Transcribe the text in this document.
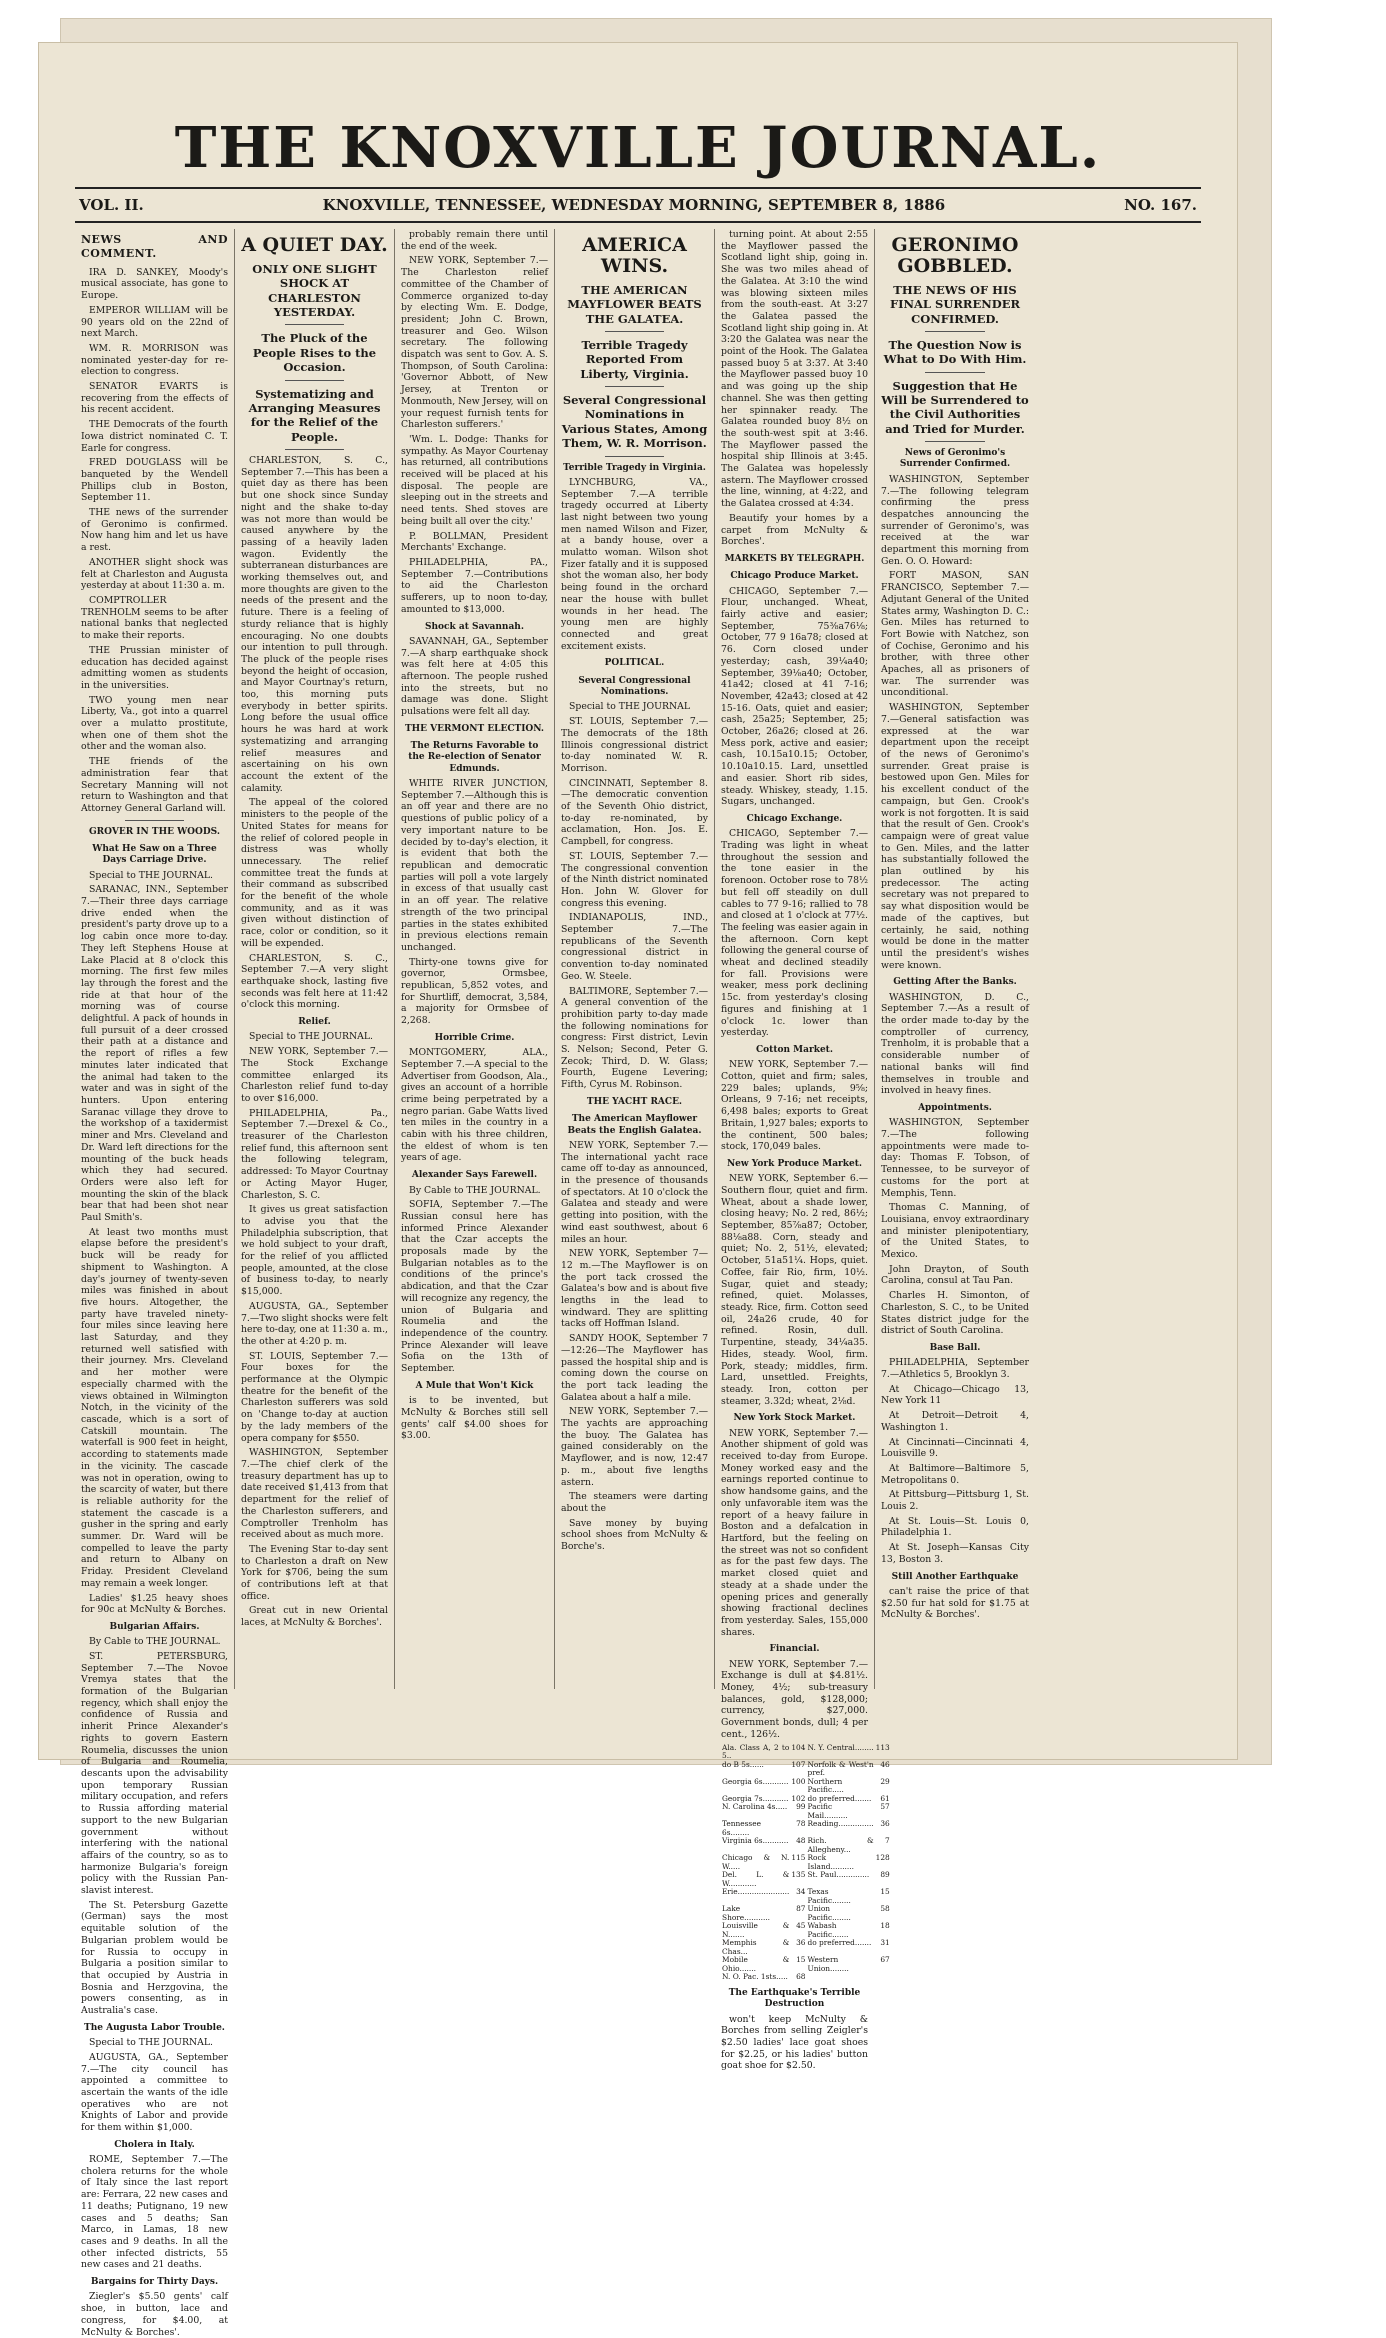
THE KNOXVILLE JOURNAL.
VOL. II.	KNOXVILLE, TENNESSEE, WEDNESDAY MORNING, SEPTEMBER 8, 1886	NO. 167.
NEWS AND COMMENT.

IRA D. SANKEY, Moody's musical associate, has gone to Europe.

EMPEROR WILLIAM will be 90 years old on the 22nd of next March.

WM. R. MORRISON was nominated yester-day for re-election to congress.

SENATOR EVARTS is recovering from the effects of his recent accident.

THE Democrats of the fourth Iowa district nominated C. T. Earle for congress.

FRED DOUGLASS will be banqueted by the Wendell Phillips club in Boston, September 11.

THE news of the surrender of Geronimo is confirmed. Now hang him and let us have a rest.

ANOTHER slight shock was felt at Charleston and Augusta yesterday at about 11:30 a. m.

COMPTROLLER TRENHOLM seems to be after national banks that neglected to make their reports.

THE Prussian minister of education has decided against admitting women as students in the universities.

TWO young men near Liberty, Va., got into a quarrel over a mulatto prostitute, when one of them shot the other and the woman also.

THE friends of the administration fear that Secretary Manning will not return to Washington and that Attorney General Garland will.

GROVER IN THE WOODS.
What He Saw on a Three Days Carriage Drive.

Special to THE JOURNAL.

SARANAC, INN., September 7.—Their three days carriage drive ended when the president's party drove up to a log cabin once more to-day. They left Stephens House at Lake Placid at 8 o'clock this morning. The first few miles lay through the forest and the ride at that hour of the morning was of course delightful. A pack of hounds in full pursuit of a deer crossed their path at a distance and the report of rifles a few minutes later indicated that the animal had taken to the water and was in sight of the hunters. Upon entering Saranac village they drove to the workshop of a taxidermist miner and Mrs. Cleveland and Dr. Ward left directions for the mounting of the buck heads which they had secured. Orders were also left for mounting the skin of the black bear that had been shot near Paul Smith's.

At least two months must elapse before the president's buck will be ready for shipment to Washington. A day's journey of twenty-seven miles was finished in about five hours. Altogether, the party have traveled ninety-four miles since leaving here last Saturday, and they returned well satisfied with their journey. Mrs. Cleveland and her mother were especially charmed with the views obtained in Wilmington Notch, in the vicinity of the cascade, which is a sort of Catskill mountain. The waterfall is 900 feet in height, according to statements made in the vicinity. The cascade was not in operation, owing to the scarcity of water, but there is reliable authority for the statement the cascade is a gusher in the spring and early summer. Dr. Ward will be compelled to leave the party and return to Albany on Friday. President Cleveland may remain a week longer.

Ladies' $1.25 heavy shoes for 90c at McNulty & Borches.

Bulgarian Affairs.

By Cable to THE JOURNAL.

ST. PETERSBURG, September 7.—The Novoe Vremya states that the formation of the Bulgarian regency, which shall enjoy the confidence of Russia and inherit Prince Alexander's rights to govern Eastern Roumelia, discusses the union of Bulgaria and Roumelia, descants upon the advisability upon temporary Russian military occupation, and refers to Russia affording material support to the new Bulgarian government without interfering with the national affairs of the country, so as to harmonize Bulgaria's foreign policy with the Russian Pan-slavist interest.

The St. Petersburg Gazette (German) says the most equitable solution of the Bulgarian problem would be for Russia to occupy in Bulgaria a position similar to that occupied by Austria in Bosnia and Herzgovina, the powers consenting, as in Australia's case.

The Augusta Labor Trouble.

Special to THE JOURNAL.

AUGUSTA, GA., September 7.—The city council has appointed a committee to ascertain the wants of the idle operatives who are not Knights of Labor and provide for them within $1,000.

Cholera in Italy.

ROME, September 7.—The cholera returns for the whole of Italy since the last report are: Ferrara, 22 new cases and 11 deaths; Putignano, 19 new cases and 5 deaths; San Marco, in Lamas, 18 new cases and 9 deaths. In all the other infected districts, 55 new cases and 21 deaths.

Bargains for Thirty Days.

Ziegler's $5.50 gents' calf shoe, in button, lace and congress, for $4.00, at McNulty & Borches'.

A QUIET DAY.
ONLY ONE SLIGHT SHOCK AT CHARLESTON YESTERDAY.
The Pluck of the People Rises to the Occasion.
Systematizing and Arranging Measures for the Relief of the People.

CHARLESTON, S. C., September 7.—This has been a quiet day as there has been but one shock since Sunday night and the shake to-day was not more than would be caused anywhere by the passing of a heavily laden wagon. Evidently the subterranean disturbances are working themselves out, and more thoughts are given to the needs of the present and the future. There is a feeling of sturdy reliance that is highly encouraging. No one doubts our intention to pull through. The pluck of the people rises beyond the height of occasion, and Mayor Courtnay's return, too, this morning puts everybody in better spirits. Long before the usual office hours he was hard at work systematizing and arranging relief measures and ascertaining on his own account the extent of the calamity.

The appeal of the colored ministers to the people of the United States for means for the relief of colored people in distress was wholly unnecessary. The relief committee treat the funds at their command as subscribed for the benefit of the whole community, and as it was given without distinction of race, color or condition, so it will be expended.

CHARLESTON, S. C., September 7.—A very slight earthquake shock, lasting five seconds was felt here at 11:42 o'clock this morning.

Relief.

Special to THE JOURNAL.

NEW YORK, September 7.—The Stock Exchange committee enlarged its Charleston relief fund to-day to over $16,000.

PHILADELPHIA, Pa., September 7.—Drexel & Co., treasurer of the Charleston relief fund, this afternoon sent the following telegram, addressed: To Mayor Courtnay or Acting Mayor Huger, Charleston, S. C.

It gives us great satisfaction to advise you that the Philadelphia subscription, that we hold subject to your draft, for the relief of you afflicted people, amounted, at the close of business to-day, to nearly $15,000.

AUGUSTA, GA., September 7.—Two slight shocks were felt here to-day, one at 11:30 a. m., the other at 4:20 p. m.

ST. LOUIS, September 7.—Four boxes for the performance at the Olympic theatre for the benefit of the Charleston sufferers was sold on 'Change to-day at auction by the lady members of the opera company for $550.

WASHINGTON, September 7.—The chief clerk of the treasury department has up to date received $1,413 from that department for the relief of the Charleston sufferers, and Comptroller Trenholm has received about as much more.

The Evening Star to-day sent to Charleston a draft on New York for $706, being the sum of contributions left at that office.

Great cut in new Oriental laces, at McNulty & Borches'.

probably remain there until the end of the week.

NEW YORK, September 7.—The Charleston relief committee of the Chamber of Commerce organized to-day by electing Wm. E. Dodge, president; John C. Brown, treasurer and Geo. Wilson secretary. The following dispatch was sent to Gov. A. S. Thompson, of South Carolina: 'Governor Abbott, of New Jersey, at Trenton or Monmouth, New Jersey, will on your request furnish tents for Charleston sufferers.'

'Wm. L. Dodge: Thanks for sympathy. As Mayor Courtenay has returned, all contributions received will be placed at his disposal. The people are sleeping out in the streets and need tents. Shed stoves are being built all over the city.'

P. BOLLMAN, President Merchants' Exchange.

PHILADELPHIA, PA., September 7.—Contributions to aid the Charleston sufferers, up to noon to-day, amounted to $13,000.

Shock at Savannah.

SAVANNAH, GA., September 7.—A sharp earthquake shock was felt here at 4:05 this afternoon. The people rushed into the streets, but no damage was done. Slight pulsations were felt all day.

THE VERMONT ELECTION.
The Returns Favorable to the Re-election of Senator Edmunds.

WHITE RIVER JUNCTION, September 7.—Although this is an off year and there are no questions of public policy of a very important nature to be decided by to-day's election, it is evident that both the republican and democratic parties will poll a vote largely in excess of that usually cast in an off year. The relative strength of the two principal parties in the states exhibited in previous elections remain unchanged.

Thirty-one towns give for governor, Ormsbee, republican, 5,852 votes, and for Shurtliff, democrat, 3,584, a majority for Ormsbee of 2,268.

Horrible Crime.

MONTGOMERY, ALA., September 7.—A special to the Advertiser from Goodson, Ala., gives an account of a horrible crime being perpetrated by a negro parian. Gabe Watts lived ten miles in the country in a cabin with his three children, the eldest of whom is ten years of age.

Alexander Says Farewell.

By Cable to THE JOURNAL.

SOFIA, September 7.—The Russian consul here has informed Prince Alexander that the Czar accepts the proposals made by the Bulgarian notables as to the conditions of the prince's abdication, and that the Czar will recognize any regency, the union of Bulgaria and Roumelia and the independence of the country. Prince Alexander will leave Sofia on the 13th of September.

A Mule that Won't Kick

is to be invented, but McNulty & Borches still sell gents' calf $4.00 shoes for $3.00.

AMERICA WINS.
THE AMERICAN MAYFLOWER BEATS THE GALATEA.
Terrible Tragedy Reported From Liberty, Virginia.
Several Congressional Nominations in Various States, Among Them, W. R. Morrison.
Terrible Tragedy in Virginia.

LYNCHBURG, VA., September 7.—A terrible tragedy occurred at Liberty last night between two young men named Wilson and Fizer, at a bandy house, over a mulatto woman. Wilson shot Fizer fatally and it is supposed shot the woman also, her body being found in the orchard near the house with bullet wounds in her head. The young men are highly connected and great excitement exists.

POLITICAL.
Several Congressional Nominations.

Special to THE JOURNAL

ST. LOUIS, September 7.—The democrats of the 18th Illinois congressional district to-day nominated W. R. Morrison.

CINCINNATI, September 8.—The democratic convention of the Seventh Ohio district, to-day re-nominated, by acclamation, Hon. Jos. E. Campbell, for congress.

ST. LOUIS, September 7.—The congressional convention of the Ninth district nominated Hon. John W. Glover for congress this evening.

INDIANAPOLIS, IND., September 7.—The republicans of the Seventh congressional district in convention to-day nominated Geo. W. Steele.

BALTIMORE, September 7.—A general convention of the prohibition party to-day made the following nominations for congress: First district, Levin S. Nelson; Second, Peter G. Zecok; Third, D. W. Glass; Fourth, Eugene Levering; Fifth, Cyrus M. Robinson.

THE YACHT RACE.
The American Mayflower Beats the English Galatea.

NEW YORK, September 7.—The international yacht race came off to-day as announced, in the presence of thousands of spectators. At 10 o'clock the Galatea and steady and were getting into position, with the wind east southwest, about 6 miles an hour.

NEW YORK, September 7—12 m.—The Mayflower is on the port tack crossed the Galatea's bow and is about five lengths in the lead to windward. They are splitting tacks off Hoffman Island.

SANDY HOOK, September 7—12:26—The Mayflower has passed the hospital ship and is coming down the course on the port tack leading the Galatea about a half a mile.

NEW YORK, September 7.—The yachts are approaching the buoy. The Galatea has gained considerably on the Mayflower, and is now, 12:47 p. m., about five lengths astern.

The steamers were darting about the

Save money by buying school shoes from McNulty & Borche's.

turning point. At about 2:55 the Mayflower passed the Scotland light ship, going in. She was two miles ahead of the Galatea. At 3:10 the wind was blowing sixteen miles from the south-east. At 3:27 the Galatea passed the Scotland light ship going in. At 3:20 the Galatea was near the point of the Hook. The Galatea passed buoy 5 at 3:37. At 3:40 the Mayflower passed buoy 10 and was going up the ship channel. She was then getting her spinnaker ready. The Galatea rounded buoy 8½ on the south-west spit at 3:46. The Mayflower passed the hospital ship Illinois at 3:45. The Galatea was hopelessly astern. The Mayflower crossed the line, winning, at 4:22, and the Galatea crossed at 4:34.

Beautify your homes by a carpet from McNulty & Borches'.

MARKETS BY TELEGRAPH.
Chicago Produce Market.

CHICAGO, September 7.—Flour, unchanged. Wheat, fairly active and easier; September, 75⅜a76⅛; October, 77 9 16a78; closed at 76. Corn closed under yesterday; cash, 39¼a40; September, 39⅛a40; October, 41a42; closed at 41 7-16; November, 42a43; closed at 42 15-16. Oats, quiet and easier; cash, 25a25; September, 25; October, 26a26; closed at 26. Mess pork, active and easier; cash, 10.15a10.15; October, 10.10a10.15. Lard, unsettled and easier. Short rib sides, steady. Whiskey, steady, 1.15. Sugars, unchanged.

Chicago Exchange.

CHICAGO, September 7.—Trading was light in wheat throughout the session and the tone easier in the forenoon. October rose to 78½ but fell off steadily on dull cables to 77 9-16; rallied to 78 and closed at 1 o'clock at 77½. The feeling was easier again in the afternoon. Corn kept following the general course of wheat and declined steadily for fall. Provisions were weaker, mess pork declining 15c. from yesterday's closing figures and finishing at 1 o'clock 1c. lower than yesterday.

Cotton Market.

NEW YORK, September 7.—Cotton, quiet and firm; sales, 229 bales; uplands, 9⅝; Orleans, 9 7-16; net receipts, 6,498 bales; exports to Great Britain, 1,927 bales; exports to the continent, 500 bales; stock, 170,049 bales.

New York Produce Market.

NEW YORK, September 6.—Southern flour, quiet and firm. Wheat, about a shade lower, closing heavy; No. 2 red, 86½; September, 85⅞a87; October, 88⅛a88. Corn, steady and quiet; No. 2, 51½, elevated; October, 51a51¼. Hops, quiet. Coffee, fair Rio, firm, 10½. Sugar, quiet and steady; refined, quiet. Molasses, steady. Rice, firm. Cotton seed oil, 24a26 crude, 40 for refined. Rosin, dull. Turpentine, steady, 34¼a35. Hides, steady. Wool, firm. Pork, steady; middles, firm. Lard, unsettled. Freights, steady. Iron, cotton per steamer, 3.32d; wheat, 2⅛d.

New York Stock Market.

NEW YORK, September 7.—Another shipment of gold was received to-day from Europe. Money worked easy and the earnings reported continue to show handsome gains, and the only unfavorable item was the report of a heavy failure in Boston and a defalcation in Hartford, but the feeling on the street was not so confident as for the past few days. The market closed quiet and steady at a shade under the opening prices and generally showing fractional declines from yesterday. Sales, 155,000 shares.

Financial.

NEW YORK, September 7.—Exchange is dull at $4.81½. Money, 4½; sub-treasury balances, gold, $128,000; currency, $27,000. Government bonds, dull; 4 per cent., 126½.

Ala. Class A, 2 to 5..	104	N. Y. Central........	113
do B 5s......	107	Norfolk & West'n pref.	46
Georgia 6s...........	100	Northern Pacific.....	29
Georgia 7s...........	102	do preferred.......	61
N. Carolina 4s.....	99	Pacific Mail..........	57
Tennessee 6s........	78	Reading...............	36
Virginia 6s...........	48	Rich. & Allegheny...	7
Chicago & N. W.....	115	Rock Island..........	128
Del. L. & W............	135	St. Paul..............	89
Erie......................	34	Texas Pacific........	15
Lake Shore...........	87	Union Pacific........	58
Louisville & N.......	45	Wabash Pacific.......	18
Memphis & Chas...	36	do preferred.......	31
Mobile & Ohio.......	15	Western Union........	67
N. O. Pac. 1sts.....	68		
The Earthquake's Terrible Destruction

won't keep McNulty & Borches from selling Zeigler's $2.50 ladies' lace goat shoes for $2.25, or his ladies' button goat shoe for $2.50.

GERONIMO GOBBLED.
THE NEWS OF HIS FINAL SURRENDER CONFIRMED.
The Question Now is What to Do With Him.
Suggestion that He Will be Surrendered to the Civil Authorities and Tried for Murder.
News of Geronimo's Surrender Confirmed.

WASHINGTON, September 7.—The following telegram confirming the press despatches announcing the surrender of Geronimo's, was received at the war department this morning from Gen. O. O. Howard:

FORT MASON, SAN FRANCISCO, September 7.—Adjutant General of the United States army, Washington D. C.: Gen. Miles has returned to Fort Bowie with Natchez, son of Cochise, Geronimo and his brother, with three other Apaches, all as prisoners of war. The surrender was unconditional.

WASHINGTON, September 7.—General satisfaction was expressed at the war department upon the receipt of the news of Geronimo's surrender. Great praise is bestowed upon Gen. Miles for his excellent conduct of the campaign, but Gen. Crook's work is not forgotten. It is said that the result of Gen. Crook's campaign were of great value to Gen. Miles, and the latter has substantially followed the plan outlined by his predecessor. The acting secretary was not prepared to say what disposition would be made of the captives, but certainly, he said, nothing would be done in the matter until the president's wishes were known.

Getting After the Banks.

WASHINGTON, D. C., September 7.—As a result of the order made to-day by the comptroller of currency, Trenholm, it is probable that a considerable number of national banks will find themselves in trouble and involved in heavy fines.

Appointments.

WASHINGTON, September 7.—The following appointments were made to-day: Thomas F. Tobson, of Tennessee, to be surveyor of customs for the port at Memphis, Tenn.

Thomas C. Manning, of Louisiana, envoy extraordinary and minister plenipotentiary, of the United States, to Mexico.

John Drayton, of South Carolina, consul at Tau Pan.

Charles H. Simonton, of Charleston, S. C., to be United States district judge for the district of South Carolina.

Base Ball.

PHILADELPHIA, September 7.—Athletics 5, Brooklyn 3.

At Chicago—Chicago 13, New York 11

At Detroit—Detroit 4, Washington 1.

At Cincinnati—Cincinnati 4, Louisville 9.

At Baltimore—Baltimore 5, Metropolitans 0.

At Pittsburg—Pittsburg 1, St. Louis 2.

At St. Louis—St. Louis 0, Philadelphia 1.

At St. Joseph—Kansas City 13, Boston 3.

Still Another Earthquake

can't raise the price of that $2.50 fur hat sold for $1.75 at McNulty & Borches'.
